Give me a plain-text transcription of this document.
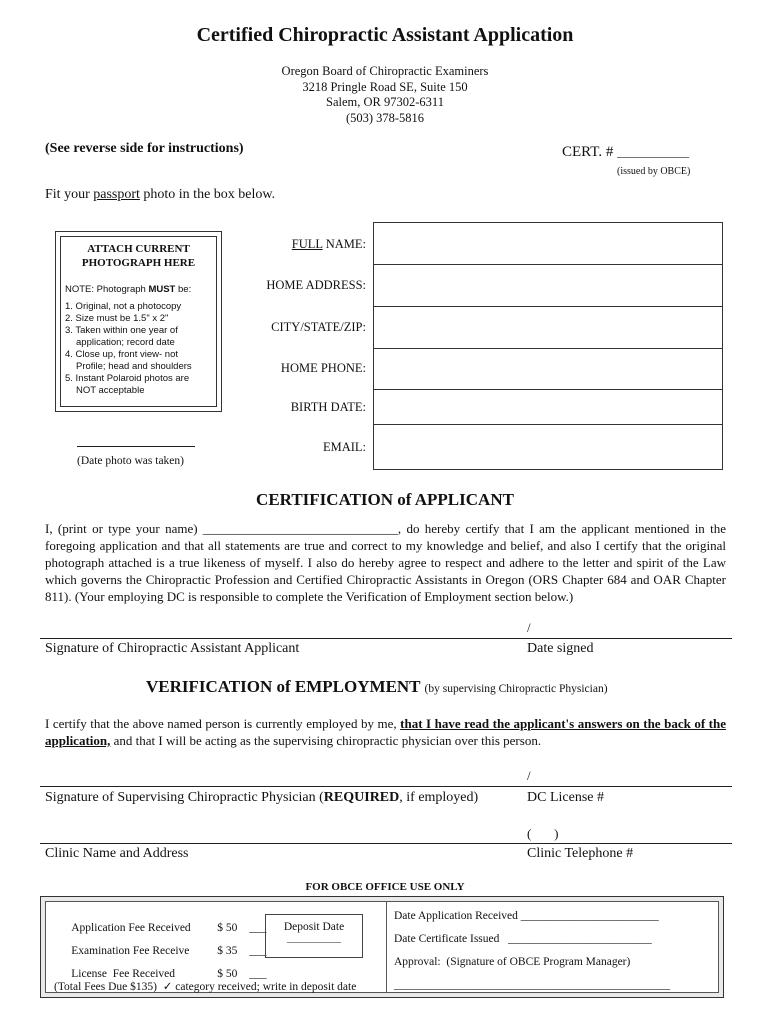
Certified Chiropractic Assistant Application
Oregon Board of Chiropractic Examiners
3218 Pringle Road SE, Suite 150
Salem, OR 97302-6311
(503) 378-5816
(See reverse side for instructions)	CERT. # ____________
(issued by OBCE)
Fit your passport photo in the box below.
ATTACH CURRENT
PHOTOGRAPH HERE
NOTE: Photograph MUST be:
1. Original, not a photocopy
2. Size must be 1.5" x 2"
3. Taken within one year of
application; record date
4. Close up, front view- not
Profile; head and shoulders
5. Instant Polaroid photos are
NOT acceptable
(Date photo was taken)
FULL NAME:
HOME ADDRESS:
CITY/STATE/ZIP:
HOME PHONE:
BIRTH DATE:
EMAIL:
CERTIFICATION of APPLICANT
I, (print or type your name) ______________________________, do hereby certify that I am the applicant mentioned in the foregoing application and that all statements are true and correct to my knowledge and belief, and also I certify that the original photograph attached is a true likeness of myself. I also do hereby agree to respect and adhere to the letter and spirit of the Law which governs the Chiropractic Profession and Certified Chiropractic Assistants in Oregon (ORS Chapter 684 and OAR Chapter 811). (Your employing DC is responsible to complete the Verification of Employment section below.)
/
Signature of Chiropractic Assistant Applicant	Date signed
VERIFICATION of EMPLOYMENT (by supervising Chiropractic Physician)
I certify that the above named person is currently employed by me, that I have read the applicant's answers on the back of the application, and that I will be acting as the supervising chiropractic physician over this person.
/
Signature of Supervising Chiropractic Physician (REQUIRED, if employed)	DC License #
(       )
Clinic Name and Address	Clinic Telephone #
FOR OBCE OFFICE USE ONLY

Application Fee Received $ 50 ___

Examination Fee Receive $ 35 ___

License  Fee Received	$ 50 ___

Deposit Date
____________
(Total Fees Due $135)  ✓ category received; write in deposit date
Date Application Received ________________________
Date Certificate Issued   _________________________
Approval:  (Signature of OBCE Program Manager)
________________________________________________
